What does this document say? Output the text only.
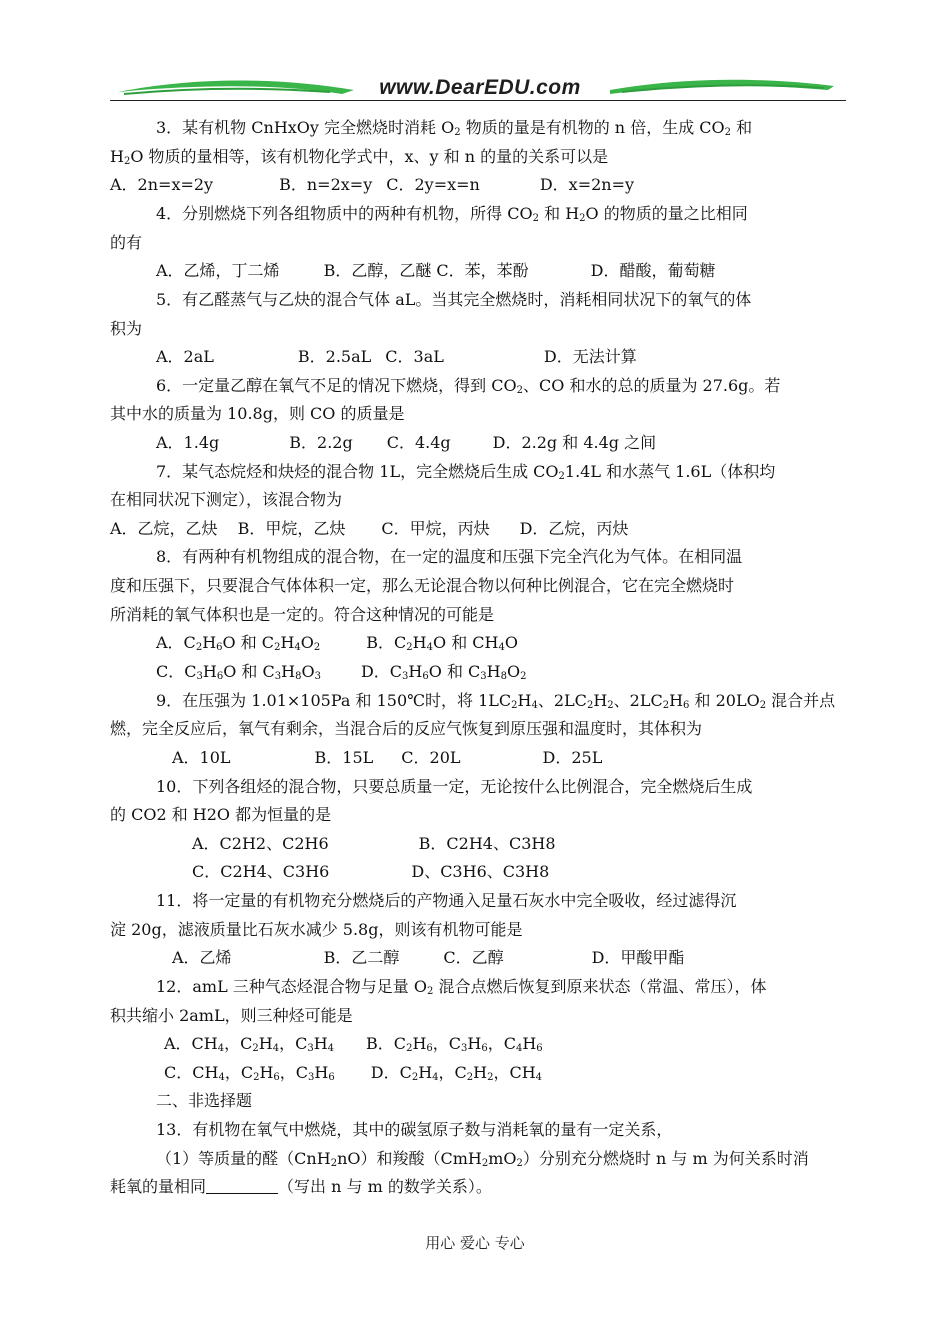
www.DearEDU.com
用心 爱心 专心
3．某有机物 CnHxOy 完全燃烧时消耗 $O_2$ 物质的量是有机物的 n 倍，生成 $CO_2$ 和
$H_2O$ 物质的量相等，该有机物化学式中，x、y 和 n 的量的关系可以是
A．2n=x=2y	B．n=2x=y C．2y=x=n	D．x=2n=y
4．分别燃烧下列各组物质中的两种有机物，所得 $CO_2$ 和 $H_2O$ 的物质的量之比相同
的有
A．乙烯，丁二烯	B．乙醇，乙醚 C．苯，苯酚	D．醋酸，葡萄糖
5．有乙醛蒸气与乙炔的混合气体 aL。当其完全燃烧时，消耗相同状况下的氧气的体
积为
A．2aL	B．2.5aL C．3aL	D．无法计算
6．一定量乙醇在氧气不足的情况下燃烧，得到 $CO_2$、CO 和水的总的质量为 27.6g。若
其中水的质量为 10.8g，则 CO 的质量是
A．1.4g	B．2.2g C．4.4g	D．2.2g 和 4.4g 之间
7．某气态烷烃和炔烃的混合物 1L，完全燃烧后生成 $CO_21.4L$ 和水蒸气 1.6L（体积均
在相同状况下测定），该混合物为
A．乙烷，乙炔 B．甲烷，乙炔 C．甲烷，丙炔 D．乙烷，丙炔
8．有两种有机物组成的混合物，在一定的温度和压强下完全汽化为气体。在相同温
度和压强下，只要混合气体体积一定，那么无论混合物以何种比例混合，它在完全燃烧时
所消耗的氧气体积也是一定的。符合这种情况的可能是
A．$C_2H_6O$ 和 $C_2H_4O_2$	B．$C_2H_4O$ 和 $CH_4O$
C．$C_3H_6O$ 和 $C_3H_8O_3$	D．$C_3H_6O$ 和 $C_3H_8O_2$
9．在压强为 1.01×105Pa 和 150℃时，将 $1LC_2H_4$、$2LC_2H_2$、$2LC_2H_6$ 和 $20LO_2$ 混合并点
燃，完全反应后，氧气有剩余，当混合后的反应气恢复到原压强和温度时，其体积为
A．10L	B．15L C．20L	D．25L
10．下列各组烃的混合物，只要总质量一定，无论按什么比例混合，完全燃烧后生成
的 CO2 和 H2O 都为恒量的是
A．C2H2、C2H6	B．C2H4、C3H8
C．C2H4、C3H6	D、C3H6、C3H8
11．将一定量的有机物充分燃烧后的产物通入足量石灰水中完全吸收，经过滤得沉
淀 20g，滤液质量比石灰水减少 5.8g，则该有机物可能是
A．乙烯	B．乙二醇	C．乙醇	D．甲酸甲酯
12．amL 三种气态烃混合物与足量 $O_2$ 混合点燃后恢复到原来状态（常温、常压），体
积共缩小 2amL，则三种烃可能是
A．$CH_4$，$C_2H_4$，$C_3H_4$ B．$C_2H_6$，$C_3H_6$，$C_4H_6$
C．$CH_4$，$C_2H_6$，$C_3H_6$ D．$C_2H_4$，$C_2H_2$，$CH_4$
二、非选择题
13．有机物在氧气中燃烧，其中的碳氢原子数与消耗氧的量有一定关系，
（1）等质量的醛（CnH$_2$nO）和羧酸$(CmH_2mO_2)$分别充分燃烧时 n 与 m 为何关系时消
耗氧的量相同	（写出 n 与 m 的数学关系）。
